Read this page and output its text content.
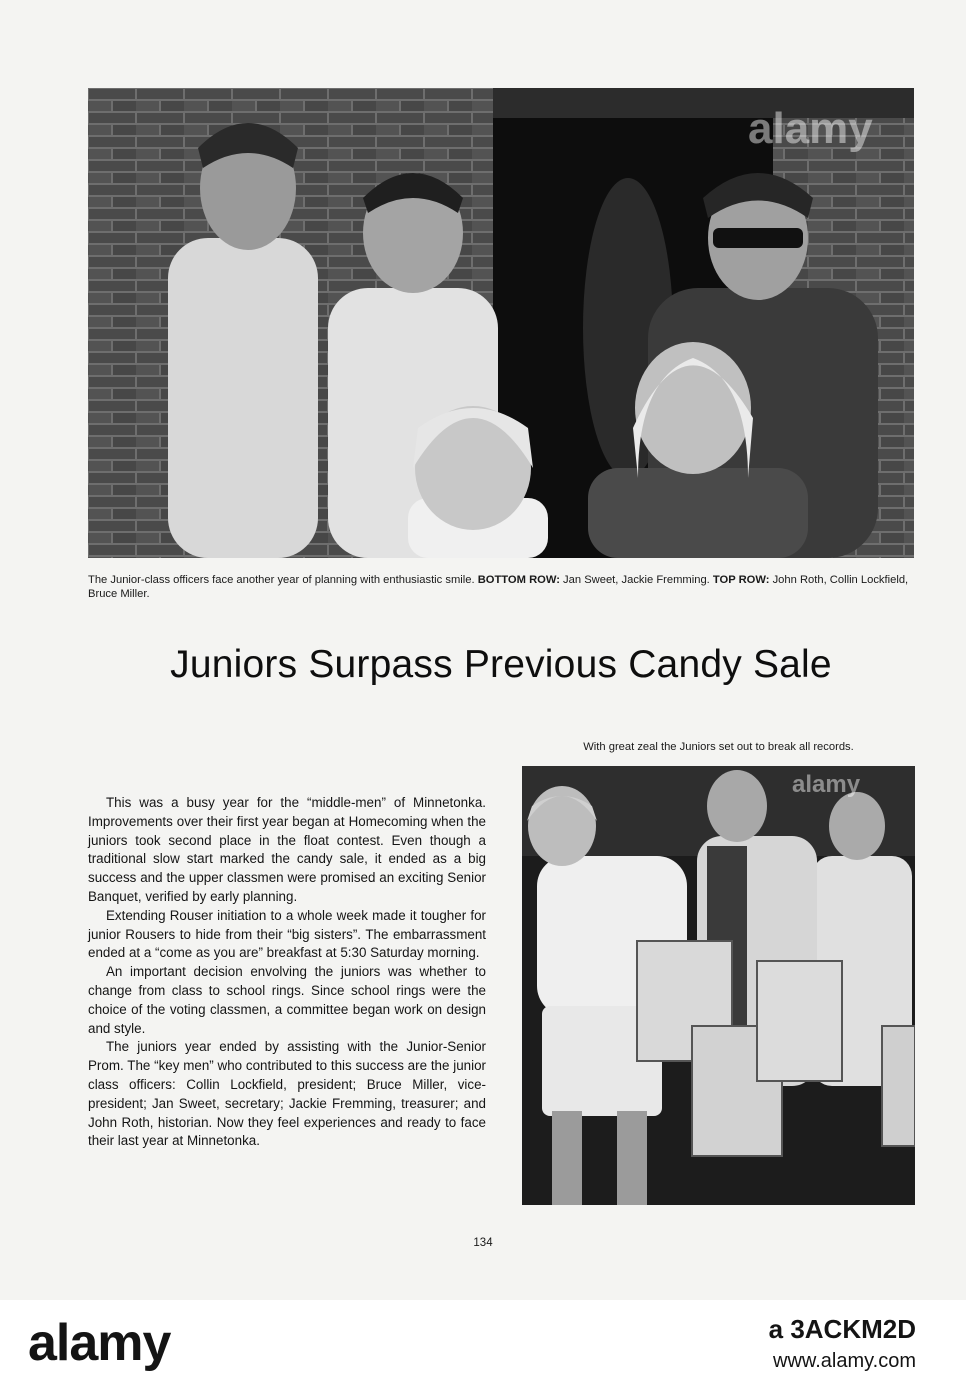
alamy
The Junior-class officers face another year of planning with enthusiastic smile. BOTTOM ROW: Jan Sweet, Jackie Fremming. TOP ROW: John Roth, Collin Lockfield, Bruce Miller.
Juniors Surpass Previous Candy Sale
With great zeal the Juniors set out to break all records.
alamy

This was a busy year for the “middle-men” of Minnetonka. Improvements over their first year began at Homecoming when the juniors took second place in the float contest. Even though a traditional slow start marked the candy sale, it ended as a big success and the upper classmen were promised an exciting Senior Banquet, verified by early planning.

Extending Rouser initiation to a whole week made it tougher for junior Rousers to hide from their “big sisters”. The embarrassment ended at a “come as you are” breakfast at 5:30 Saturday morning.

An important decision envolving the juniors was whether to change from class to school rings. Since school rings were the choice of the voting classmen, a committee began work on design and style.

The juniors year ended by assisting with the Junior-Senior Prom. The “key men” who contributed to this success are the junior class officers: Collin Lockfield, president; Bruce Miller, vice-president; Jan Sweet, secretary; Jackie Fremming, treasurer; and John Roth, historian. Now they feel experiences and ready to face their last year at Minnetonka.

134
alamy	a 3ACKM2D
www.alamy.com
